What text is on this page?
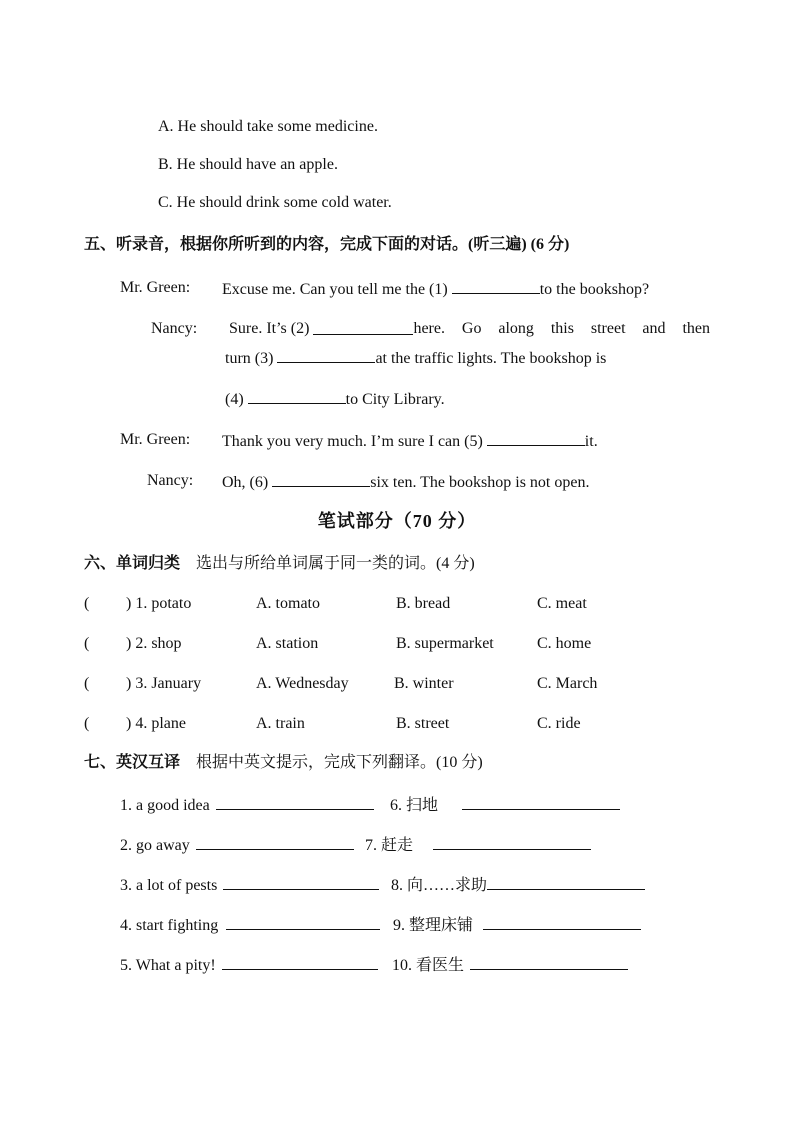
A. He should take some medicine.
B. He should have an apple.
C. He should drink some cold water.
五、听录音，根据你所听到的内容，完成下面的对话。(听三遍) (6 分)
Mr. Green: Excuse me. Can you tell me the (1)	to the bookshop?
Nancy: Sure. It’s (2)	here. Go along this street and then
turn (3)	at the traffic lights. The bookshop is
(4)	to City Library.
Mr. Green: Thank you very much. I’m sure I can (5)	it.
Nancy: Oh, (6)	six ten. The bookshop is not open.
笔试部分（70 分）
六、单词归类 选出与所给单词属于同一类的词。(4 分)
( ) 1. potato	A. tomato	B. bread	C. meat
( ) 2. shop	A. station	B. supermarket	C. home
( ) 3. January	A. Wednesday	B. winter	C. March
( ) 4. plane	A. train	B. street	C. ride
七、英汉互译 根据中英文提示，完成下列翻译。(10 分)
1. a good idea	6. 扫地
2. go away	7. 赶走
3. a lot of pests	8. 向……求助
4. start fighting	9. 整理床铺
5. What a pity!	10. 看医生
